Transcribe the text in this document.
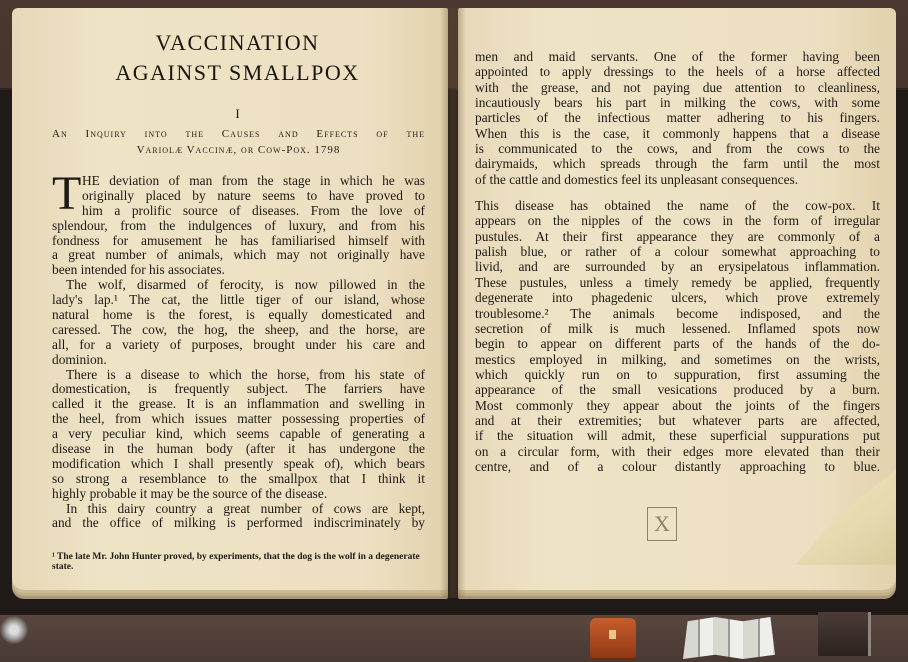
VACCINATION
AGAINST SMALLPOX
I
An Inquiry into the Causes and Effects of the
Variolæ Vaccinæ, or Cow-Pox. 1798
T HE deviation of man from the stage in which he was
originally placed by nature seems to have proved to
him a prolific source of diseases. From the love of
splendour, from the indulgences of luxury, and from his
fondness for amusement he has familiarised himself with
a great number of animals, which may not originally have
been intended for his associates.
The wolf, disarmed of ferocity, is now pillowed in the
lady's lap.¹ The cat, the little tiger of our island, whose
natural home is the forest, is equally domesticated and
caressed. The cow, the hog, the sheep, and the horse, are
all, for a variety of purposes, brought under his care and
dominion.
There is a disease to which the horse, from his state of
domestication, is frequently subject. The farriers have
called it the grease. It is an inflammation and swelling in
the heel, from which issues matter possessing properties of
a very peculiar kind, which seems capable of generating a
disease in the human body (after it has undergone the
modification which I shall presently speak of), which bears
so strong a resemblance to the smallpox that I think it
highly probable it may be the source of the disease.
In this dairy country a great number of cows are kept,
and the office of milking is performed indiscriminately by
¹ The late Mr. John Hunter proved, by experiments, that the dog is the wolf in a degenerate state.
men and maid servants. One of the former having been
appointed to apply dressings to the heels of a horse affected
with the grease, and not paying due attention to cleanliness,
incautiously bears his part in milking the cows, with some
particles of the infectious matter adhering to his fingers.
When this is the case, it commonly happens that a disease
is communicated to the cows, and from the cows to the
dairymaids, which spreads through the farm until the most
of the cattle and domestics feel its unpleasant consequences.
This disease has obtained the name of the cow-pox. It
appears on the nipples of the cows in the form of irregular
pustules. At their first appearance they are commonly of a
palish blue, or rather of a colour somewhat approaching to
livid, and are surrounded by an erysipelatous inflammation.
These pustules, unless a timely remedy be applied, frequently
degenerate into phagedenic ulcers, which prove extremely
troublesome.² The animals become indisposed, and the
secretion of milk is much lessened. Inflamed spots now
begin to appear on different parts of the hands of the do-
mestics employed in milking, and sometimes on the wrists,
which quickly run on to suppuration, first assuming the
appearance of the small vesications produced by a burn.
Most commonly they appear about the joints of the fingers
and at their extremities; but whatever parts are affected,
if the situation will admit, these superficial suppurations put
on a circular form, with their edges more elevated than their
centre, and of a colour distantly approaching to blue.
X
